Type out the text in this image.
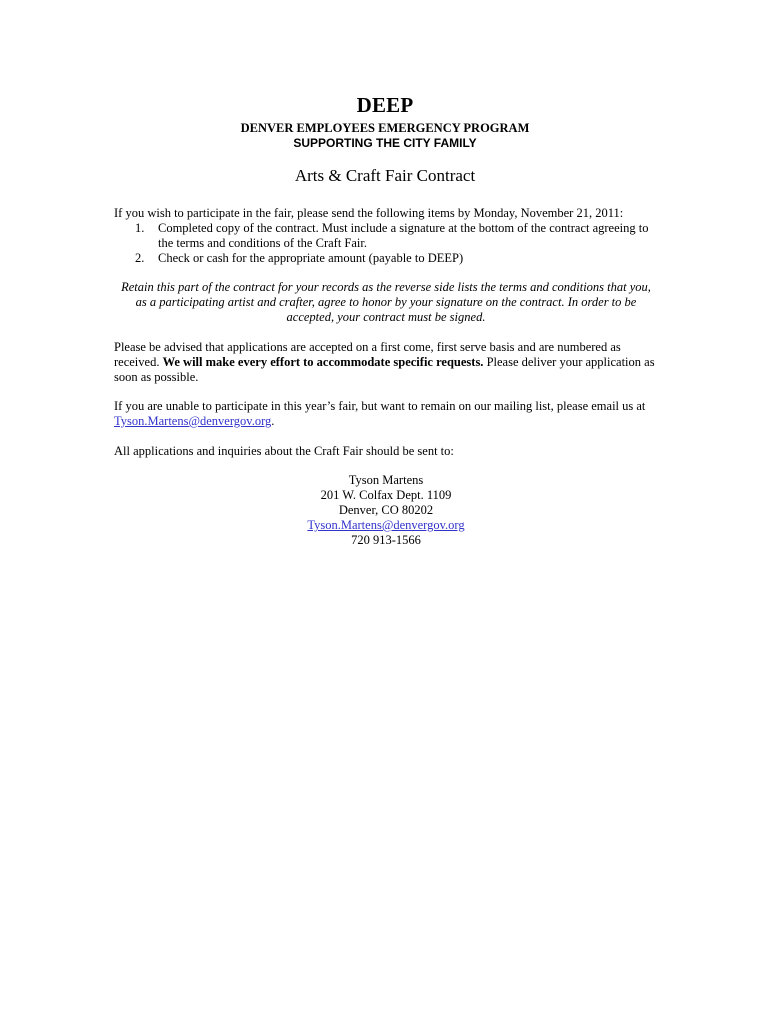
DEEP
DENVER EMPLOYEES EMERGENCY PROGRAM
SUPPORTING THE CITY FAMILY
Arts & Craft Fair Contract
If you wish to participate in the fair, please send the following items by Monday, November 21, 2011:
1. Completed copy of the contract. Must include a signature at the bottom of the contract agreeing to the terms and conditions of the Craft Fair.
2. Check or cash for the appropriate amount (payable to DEEP)
Retain this part of the contract for your records as the reverse side lists the terms and conditions that you, as a participating artist and crafter, agree to honor by your signature on the contract. In order to be accepted, your contract must be signed.
Please be advised that applications are accepted on a first come, first serve basis and are numbered as received. We will make every effort to accommodate specific requests. Please deliver your application as soon as possible.
If you are unable to participate in this year’s fair, but want to remain on our mailing list, please email us at
Tyson.Martens@denvergov.org.
All applications and inquiries about the Craft Fair should be sent to:
Tyson Martens
201 W. Colfax Dept. 1109
Denver, CO 80202
Tyson.Martens@denvergov.org
720 913-1566
